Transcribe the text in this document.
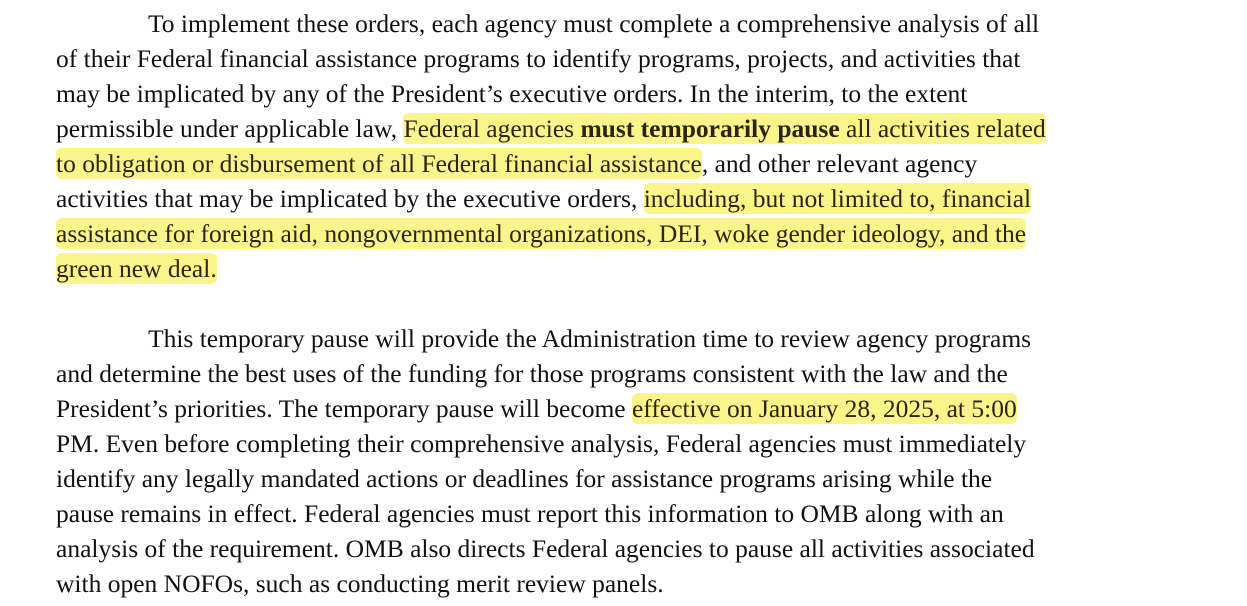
To implement these orders, each agency must complete a comprehensive analysis of all
of their Federal financial assistance programs to identify programs, projects, and activities that
may be implicated by any of the President’s executive orders. In the interim, to the extent
permissible under applicable law, Federal agencies must temporarily pause all activities related
to obligation or disbursement of all Federal financial assistance, and other relevant agency
activities that may be implicated by the executive orders, including, but not limited to, financial
assistance for foreign aid, nongovernmental organizations, DEI, woke gender ideology, and the
green new deal.
This temporary pause will provide the Administration time to review agency programs
and determine the best uses of the funding for those programs consistent with the law and the
President’s priorities. The temporary pause will become effective on January 28, 2025, at 5:00
PM. Even before completing their comprehensive analysis, Federal agencies must immediately
identify any legally mandated actions or deadlines for assistance programs arising while the
pause remains in effect. Federal agencies must report this information to OMB along with an
analysis of the requirement. OMB also directs Federal agencies to pause all activities associated
with open NOFOs, such as conducting merit review panels.
